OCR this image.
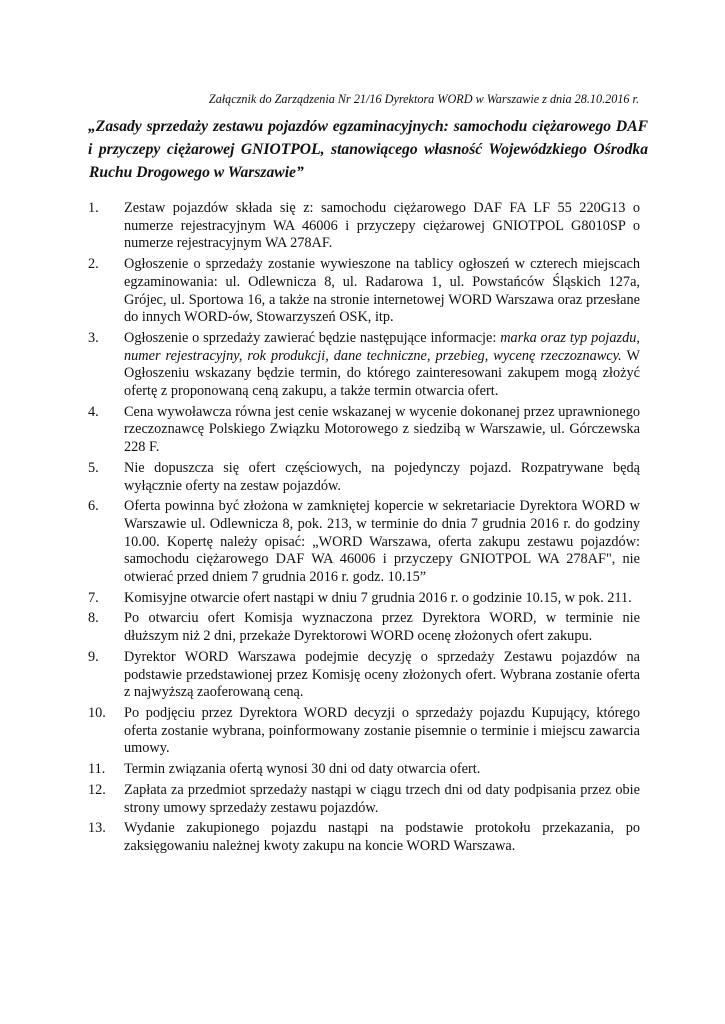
Załącznik do Zarządzenia Nr 21/16 Dyrektora WORD w Warszawie z dnia 28.10.2016 r.
„Zasady sprzedaży zestawu pojazdów egzaminacyjnych: samochodu ciężarowego DAF
i przyczepy ciężarowej GNIOTPOL, stanowiącego własność Wojewódzkiego Ośrodka
Ruchu Drogowego w Warszawie”
1. Zestaw pojazdów składa się z: samochodu ciężarowego DAF FA LF 55 220G13 o numerze rejestracyjnym WA 46006 i przyczepy ciężarowej GNIOTPOL G8010SP o numerze rejestracyjnym WA 278AF.
2. Ogłoszenie o sprzedaży zostanie wywieszone na tablicy ogłoszeń w czterech miejscach egzaminowania: ul. Odlewnicza 8, ul. Radarowa 1, ul. Powstańców Śląskich 127a, Grójec, ul. Sportowa 16, a także na stronie internetowej WORD Warszawa oraz przesłane do innych WORD-ów, Stowarzyszeń OSK, itp.
3. Ogłoszenie o sprzedaży zawierać będzie następujące informacje: marka oraz typ pojazdu, numer rejestracyjny, rok produkcji, dane techniczne, przebieg, wycenę rzeczoznawcy. W Ogłoszeniu wskazany będzie termin, do którego zainteresowani zakupem mogą złożyć ofertę z proponowaną ceną zakupu, a także termin otwarcia ofert.
4. Cena wywoławcza równa jest cenie wskazanej w wycenie dokonanej przez uprawnionego rzeczoznawcę Polskiego Związku Motorowego z siedzibą w Warszawie, ul. Górczewska 228 F.
5. Nie dopuszcza się ofert częściowych, na pojedynczy pojazd. Rozpatrywane będą wyłącznie oferty na zestaw pojazdów.
6. Oferta powinna być złożona w zamkniętej kopercie w sekretariacie Dyrektora WORD w Warszawie ul. Odlewnicza 8, pok. 213, w terminie do dnia 7 grudnia 2016 r. do godziny 10.00. Kopertę należy opisać: „WORD Warszawa, oferta zakupu zestawu pojazdów: samochodu ciężarowego DAF WA 46006 i przyczepy GNIOTPOL WA 278AF", nie otwierać przed dniem 7 grudnia 2016 r. godz. 10.15”
7. Komisyjne otwarcie ofert nastąpi w dniu 7 grudnia 2016 r. o godzinie 10.15, w pok. 211.
8. Po otwarciu ofert Komisja wyznaczona przez Dyrektora WORD, w terminie nie dłuższym niż 2 dni, przekaże Dyrektorowi WORD ocenę złożonych ofert zakupu.
9. Dyrektor WORD Warszawa podejmie decyzję o sprzedaży Zestawu pojazdów na podstawie przedstawionej przez Komisję oceny złożonych ofert. Wybrana zostanie oferta z najwyższą zaoferowaną ceną.
10. Po podjęciu przez Dyrektora WORD decyzji o sprzedaży pojazdu Kupujący, którego oferta zostanie wybrana, poinformowany zostanie pisemnie o terminie i miejscu zawarcia umowy.
11. Termin związania ofertą wynosi 30 dni od daty otwarcia ofert.
12. Zapłata za przedmiot sprzedaży nastąpi w ciągu trzech dni od daty podpisania przez obie strony umowy sprzedaży zestawu pojazdów.
13. Wydanie zakupionego pojazdu nastąpi na podstawie protokołu przekazania, po zaksięgowaniu należnej kwoty zakupu na koncie WORD Warszawa.
